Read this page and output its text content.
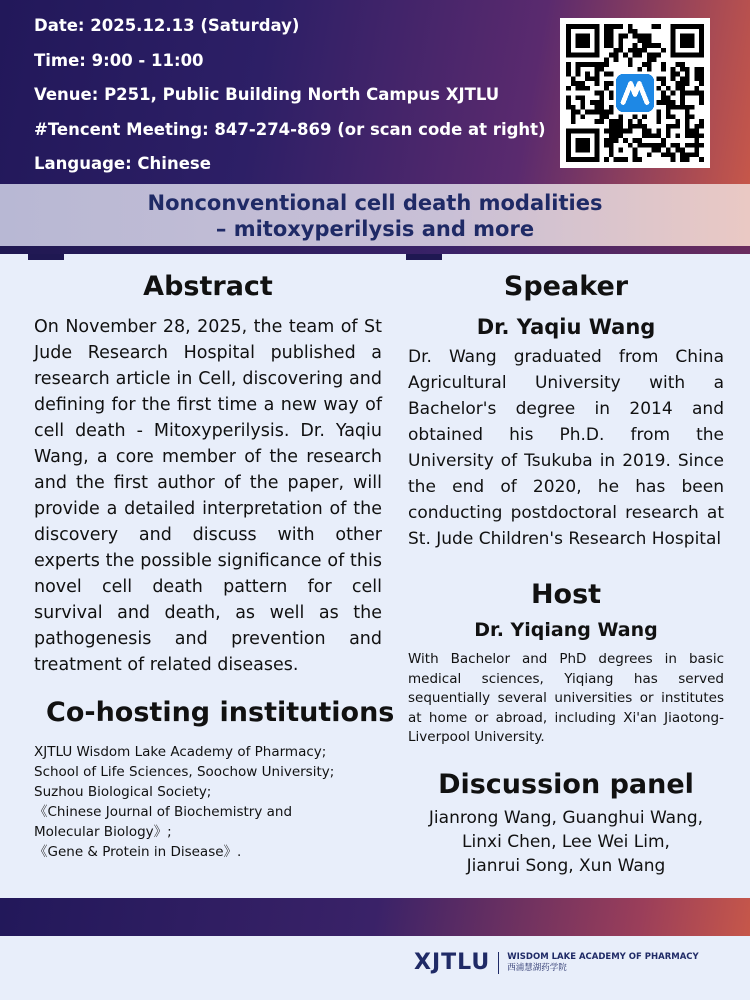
Date: 2025.12.13 (Saturday)
Time: 9:00 - 11:00
Venue: P251, Public Building North Campus XJTLU
#Tencent Meeting: 847-274-869 (or scan code at right)
Language: Chinese
Nonconventional cell death modalities
– mitoxyperilysis and more
Abstract

On November 28, 2025, the team of St Jude Research Hospital published a research article in Cell, discovering and defining for the first time a new way of cell death - Mitoxyperilysis. Dr. Yaqiu Wang, a core member of the research and the first author of the paper, will provide a detailed interpretation of the discovery and discuss with other experts the possible significance of this novel cell death pattern for cell survival and death, as well as the pathogenesis and prevention and treatment of related diseases.

Co-hosting institutions
XJTLU Wisdom Lake Academy of Pharmacy;
School of Life Sciences, Soochow University;
Suzhou Biological Society;
《Chinese Journal of Biochemistry and
Molecular Biology》;
《Gene & Protein in Disease》.
Speaker
Dr. Yaqiu Wang

Dr. Wang graduated from China Agricultural University with a Bachelor's degree in 2014 and obtained his Ph.D. from the University of Tsukuba in 2019. Since the end of 2020, he has been conducting postdoctoral research at St. Jude Children's Research Hospital

Host
Dr. Yiqiang Wang

With Bachelor and PhD degrees in basic medical sciences, Yiqiang has served sequentially several universities or institutes at home or abroad, including Xi'an Jiaotong-Liverpool University.

Discussion panel
Jianrong Wang, Guanghui Wang,
Linxi Chen, Lee Wei Lim,
Jianrui Song, Xun Wang
XJTLU WISDOM LAKE ACADEMY OF PHARMACY
西浦慧湖药学院
